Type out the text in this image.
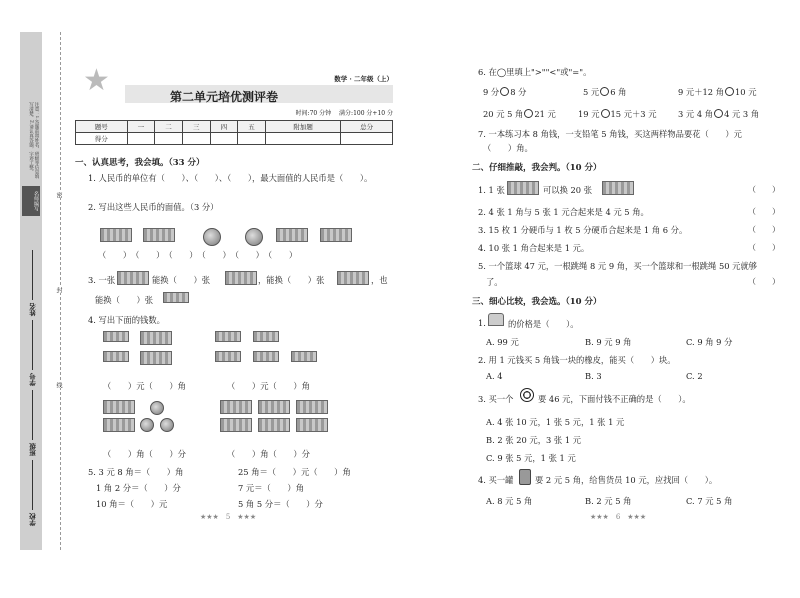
注意：1.答题前将姓名、班级等信息填写清楚。2.请认真答题，字迹工整。
名师编写	密
封
线
学校
班级
学号
姓名
★	数学 · 二年级（上）
第二单元培优测评卷
时间:70 分钟 满分:100 分+10 分
题号	一	二	三	四	五	附加题	总分
得分							
一、认真思考，我会填。（33 分）
1. 人民币的单位有（　　）、（　　）、（　　），最大面值的人民币是（　　）。
2. 写出这些人民币的面值。（3 分）
（　　）　（　　）　（　　）　（　　）　（　　）　（　　）
3. 一张	能换（　　）张	，能换（　　）张	，也
能换（　　）张
4. 写出下面的钱数。
（　　）元（　　）角	（　　）元（　　）角
（　　）角（　　）分	（　　）角（　　）分
5. 3 元 8 角＝（　　）角	25 角＝（　　）元（　　）角
1 角 2 分＝（　　）分	7 元＝（　　）角
10 角＝（　　）元	5 角 5 分＝（　　）分
★★★　5　★★★
6. 在◯里填上">""<"或"="。
9 分 8 分	5 元 6 角	9 元＋12 角 10 元
20 元 5 角 21 元	19 元 15 元＋3 元	3 元 4 角 4 元 3 角
7. 一本练习本 8 角钱，一支铅笔 5 角钱，买这两样物品要花（　　）元
（　　）角。
二、仔细推敲，我会判。（10 分）
1. 1 张	可以换 20 张	（　　）
2. 4 张 1 角与 5 张 1 元合起来是 4 元 5 角。	（　　）
3. 15 枚 1 分硬币与 1 枚 5 分硬币合起来是 1 角 6 分。	（　　）
4. 10 张 1 角合起来是 1 元。	（　　）
5. 一个篮球 47 元，一根跳绳 8 元 9 角，买一个篮球和一根跳绳 50 元就够
了。	（　　）
三、细心比较，我会选。（10 分）
1.	的价格是（　　）。
A. 99 元	B. 9 元 9 角	C. 9 角 9 分
2. 用 1 元钱买 5 角钱一块的橡皮，能买（　　）块。
A. 4	B. 3	C. 2
3. 买一个	要 46 元，下面付钱不正确的是（　　）。
A. 4 张 10 元，1 张 5 元，1 张 1 元
B. 2 张 20 元，3 张 1 元
C. 9 张 5 元，1 张 1 元
4. 买一罐	要 2 元 5 角，给售货员 10 元，应找回（　　）。
A. 8 元 5 角	B. 2 元 5 角	C. 7 元 5 角
★★★　6　★★★
